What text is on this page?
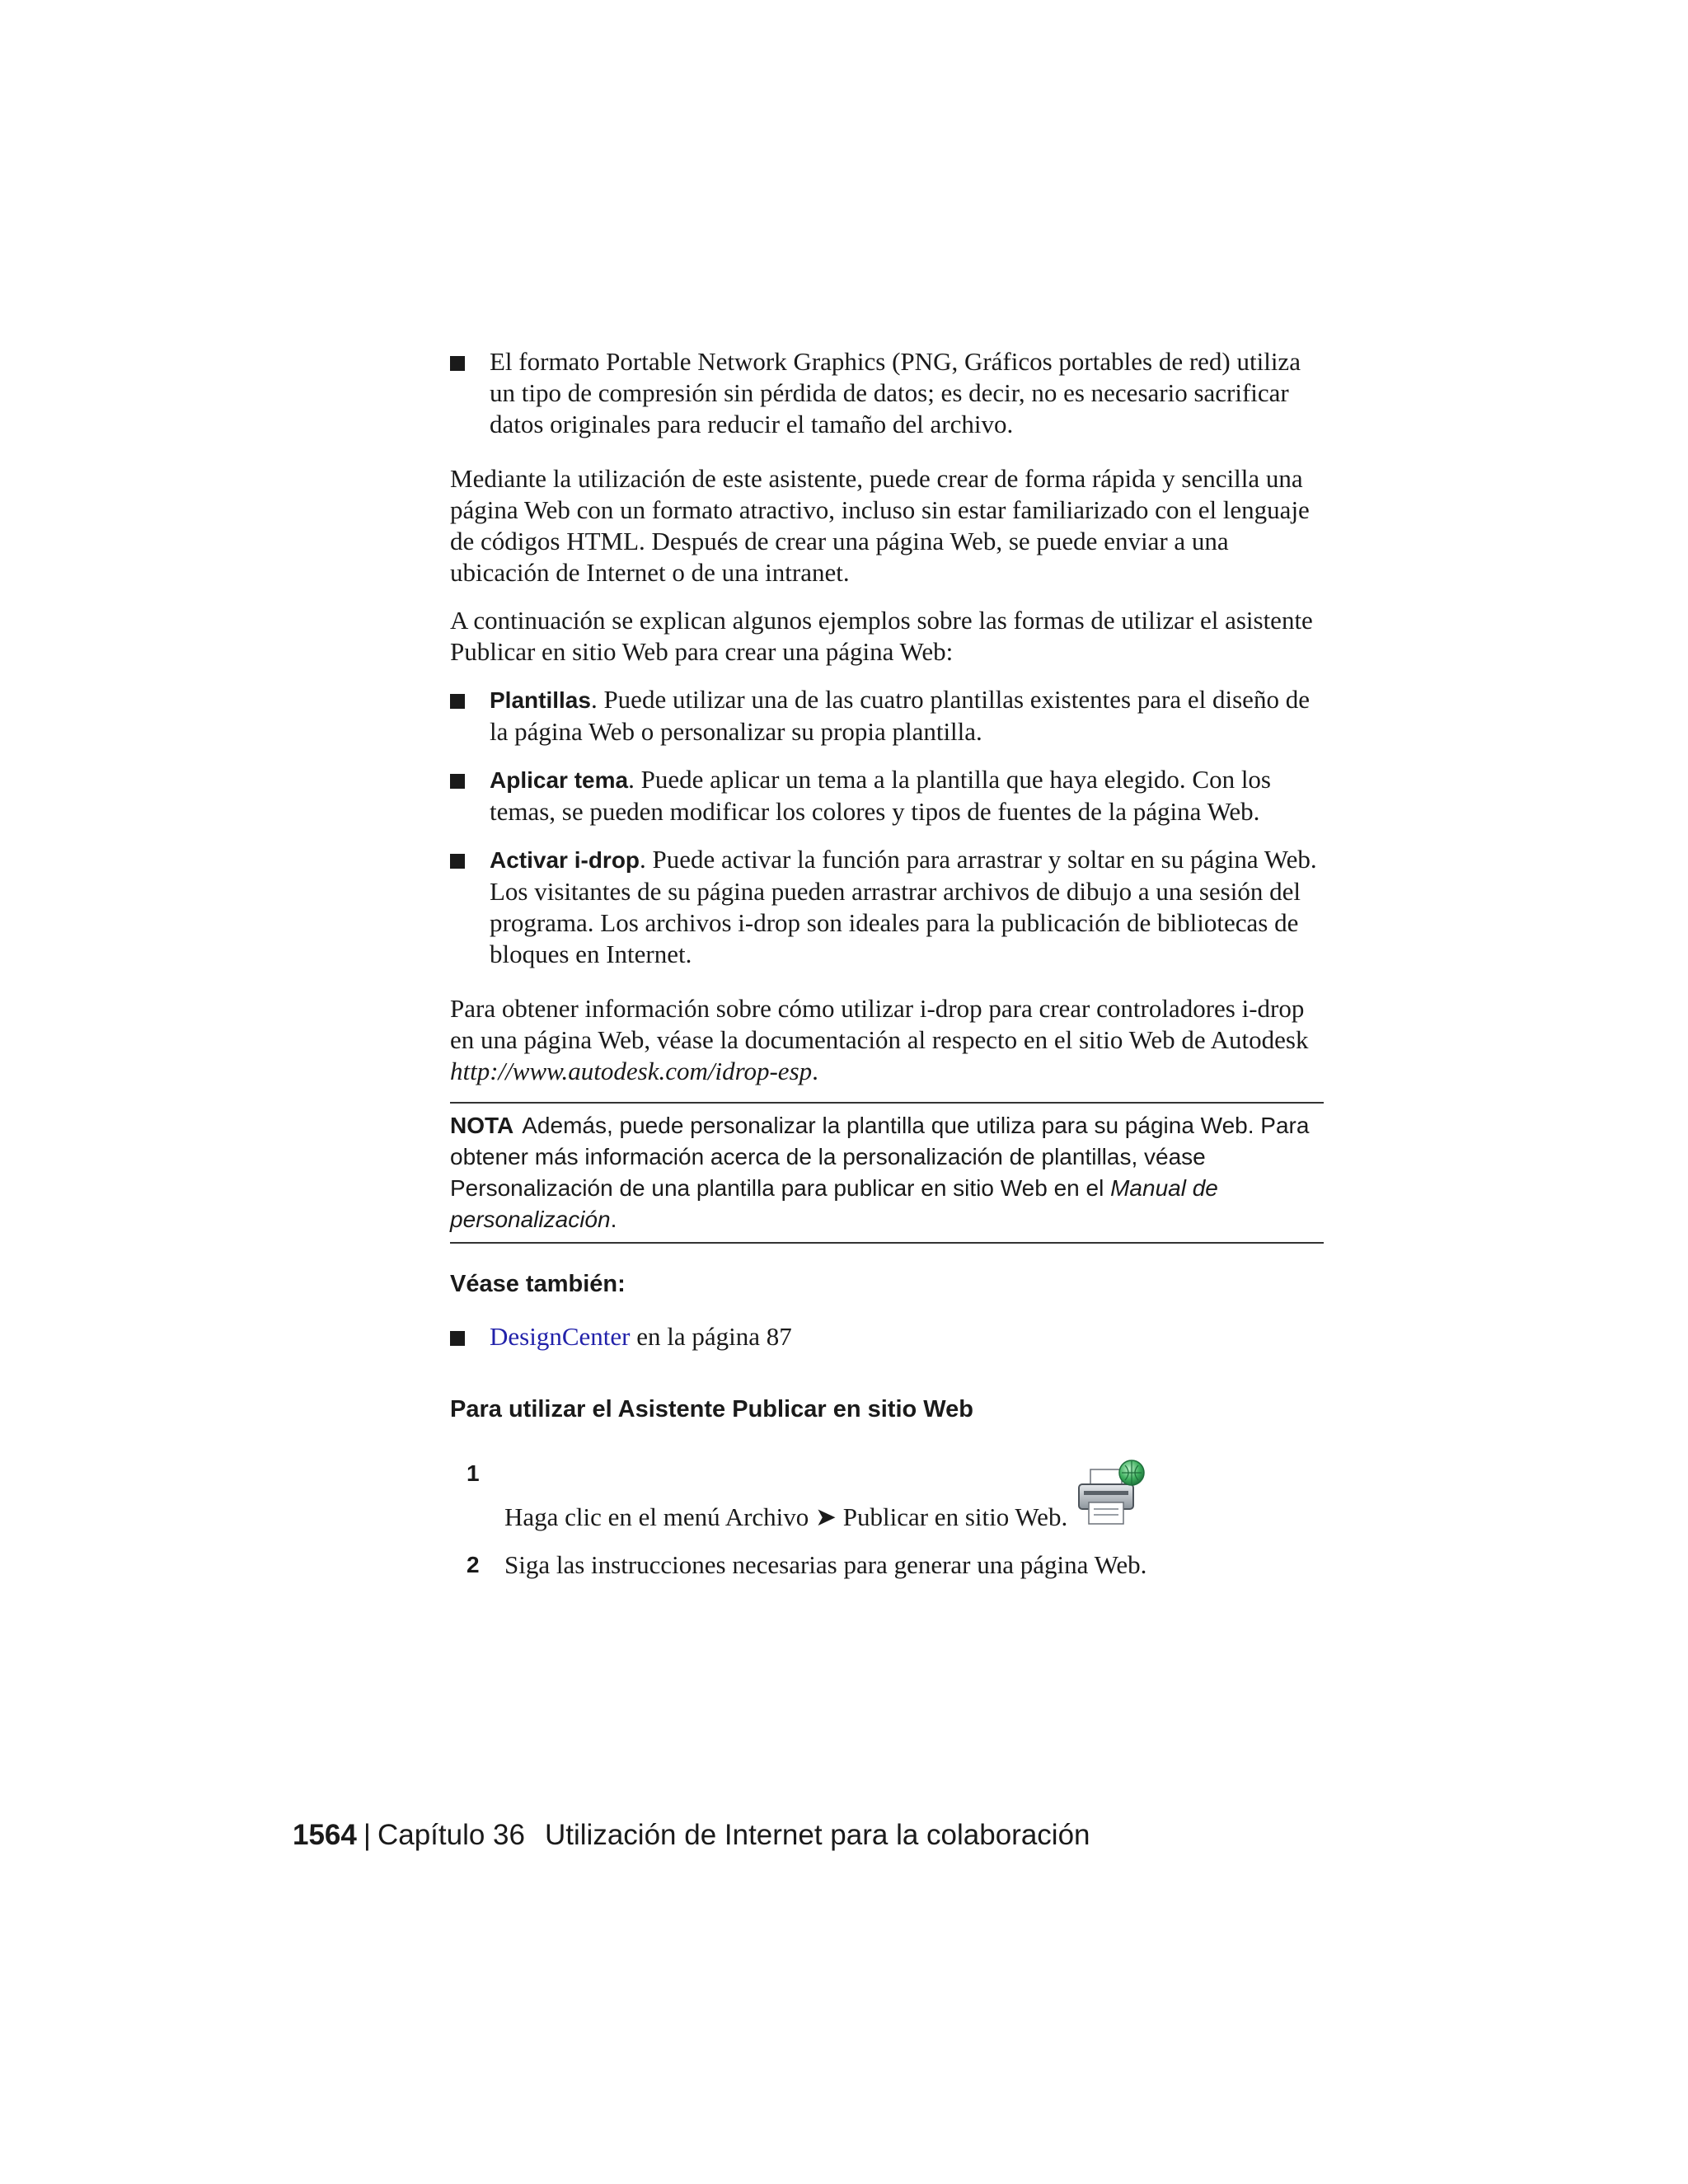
El formato Portable Network Graphics (PNG, Gráficos portables de red) utiliza un tipo de compresión sin pérdida de datos; es decir, no es necesario sacrificar datos originales para reducir el tamaño del archivo.

Mediante la utilización de este asistente, puede crear de forma rápida y sencilla una página Web con un formato atractivo, incluso sin estar familiarizado con el lenguaje de códigos HTML. Después de crear una página Web, se puede enviar a una ubicación de Internet o de una intranet.

A continuación se explican algunos ejemplos sobre las formas de utilizar el asistente Publicar en sitio Web para crear una página Web:

Plantillas. Puede utilizar una de las cuatro plantillas existentes para el diseño de la página Web o personalizar su propia plantilla.
Aplicar tema. Puede aplicar un tema a la plantilla que haya elegido. Con los temas, se pueden modificar los colores y tipos de fuentes de la página Web.
Activar i-drop. Puede activar la función para arrastrar y soltar en su página Web. Los visitantes de su página pueden arrastrar archivos de dibujo a una sesión del programa. Los archivos i-drop son ideales para la publicación de bibliotecas de bloques en Internet.

Para obtener información sobre cómo utilizar i-drop para crear controladores i-drop en una página Web, véase la documentación al respecto en el sitio Web de Autodesk http://www.autodesk.com/idrop-esp.

NOTA Además, puede personalizar la plantilla que utiliza para su página Web. Para obtener más información acerca de la personalización de plantillas, véase Personalización de una plantilla para publicar en sitio Web en el Manual de personalización.

Véase también:

DesignCenter en la página 87

Para utilizar el Asistente Publicar en sitio Web

1
Haga clic en el menú Archivo ➤ Publicar en sitio Web.
2 Siga las instrucciones necesarias para generar una página Web.
1564 | Capítulo 36 Utilización de Internet para la colaboración
